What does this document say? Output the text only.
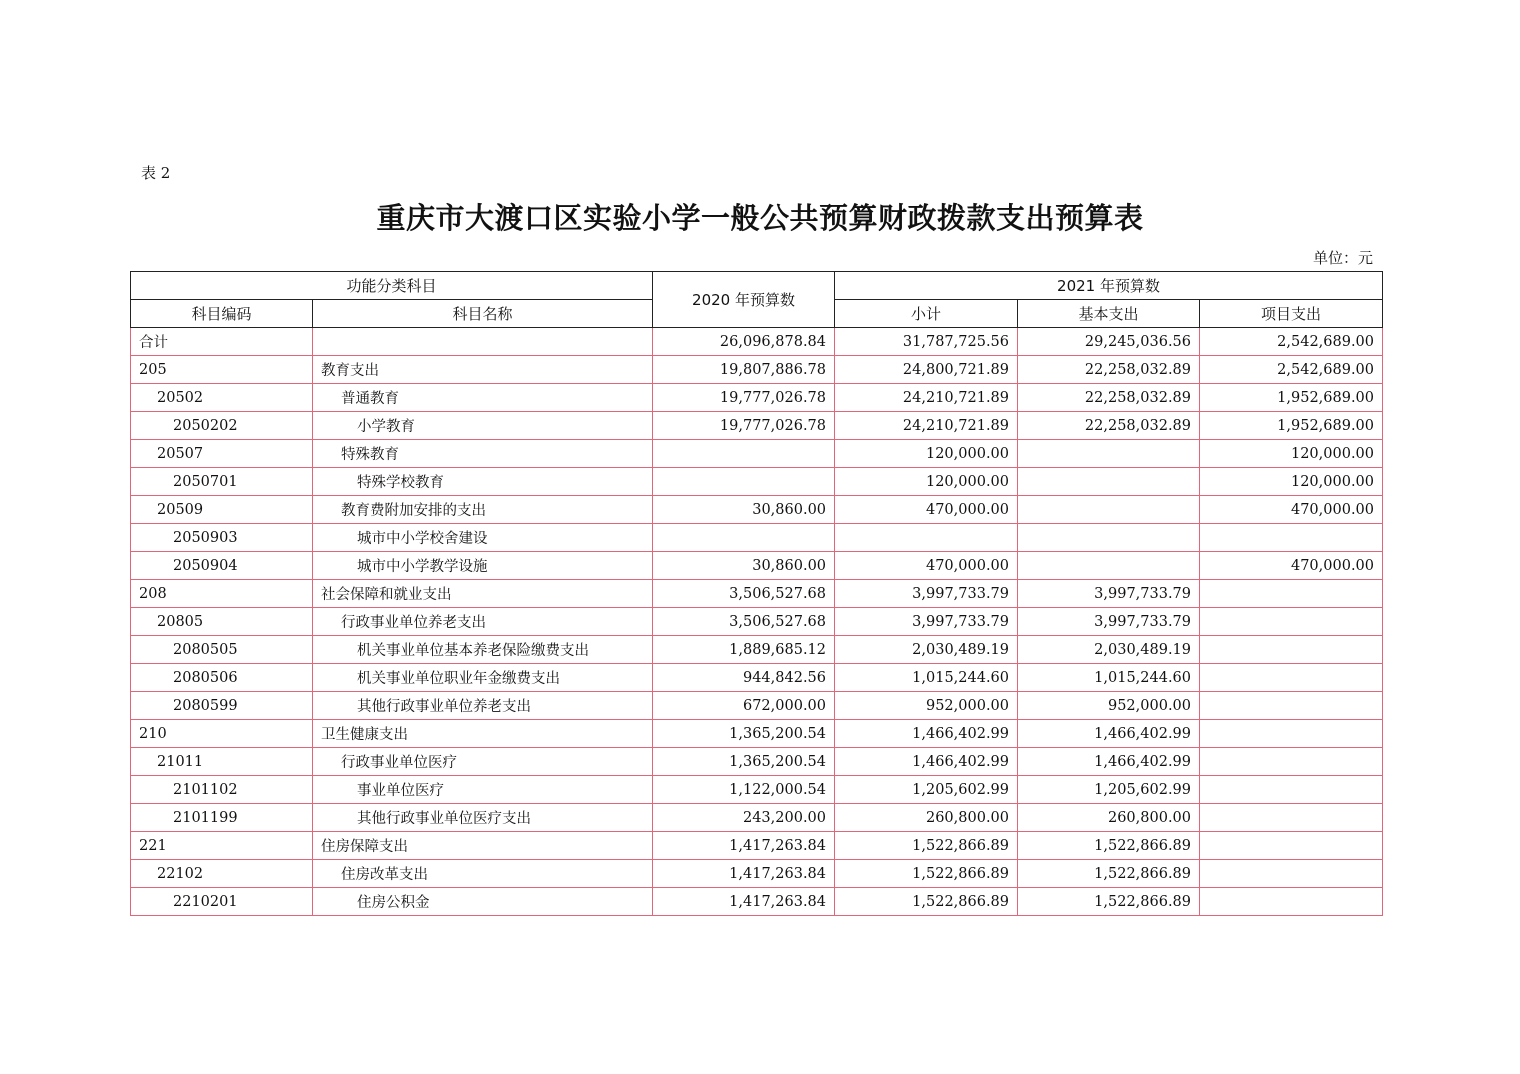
表 2
重庆市大渡口区实验小学一般公共预算财政拨款支出预算表
单位：元
功能分类科目		2020 年预算数	2021 年预算数		
科目编码	科目名称		小计	基本支出	项目支出
合计		26,096,878.84	31,787,725.56	29,245,036.56	2,542,689.00
205	教育支出	19,807,886.78	24,800,721.89	22,258,032.89	2,542,689.00
20502	普通教育	19,777,026.78	24,210,721.89	22,258,032.89	1,952,689.00
2050202	小学教育	19,777,026.78	24,210,721.89	22,258,032.89	1,952,689.00
20507	特殊教育		120,000.00		120,000.00
2050701	特殊学校教育		120,000.00		120,000.00
20509	教育费附加安排的支出	30,860.00	470,000.00		470,000.00
2050903	城市中小学校舍建设				
2050904	城市中小学教学设施	30,860.00	470,000.00		470,000.00
208	社会保障和就业支出	3,506,527.68	3,997,733.79	3,997,733.79	
20805	行政事业单位养老支出	3,506,527.68	3,997,733.79	3,997,733.79	
2080505	机关事业单位基本养老保险缴费支出	1,889,685.12	2,030,489.19	2,030,489.19	
2080506	机关事业单位职业年金缴费支出	944,842.56	1,015,244.60	1,015,244.60	
2080599	其他行政事业单位养老支出	672,000.00	952,000.00	952,000.00	
210	卫生健康支出	1,365,200.54	1,466,402.99	1,466,402.99	
21011	行政事业单位医疗	1,365,200.54	1,466,402.99	1,466,402.99	
2101102	事业单位医疗	1,122,000.54	1,205,602.99	1,205,602.99	
2101199	其他行政事业单位医疗支出	243,200.00	260,800.00	260,800.00	
221	住房保障支出	1,417,263.84	1,522,866.89	1,522,866.89	
22102	住房改革支出	1,417,263.84	1,522,866.89	1,522,866.89	
2210201	住房公积金	1,417,263.84	1,522,866.89	1,522,866.89	
